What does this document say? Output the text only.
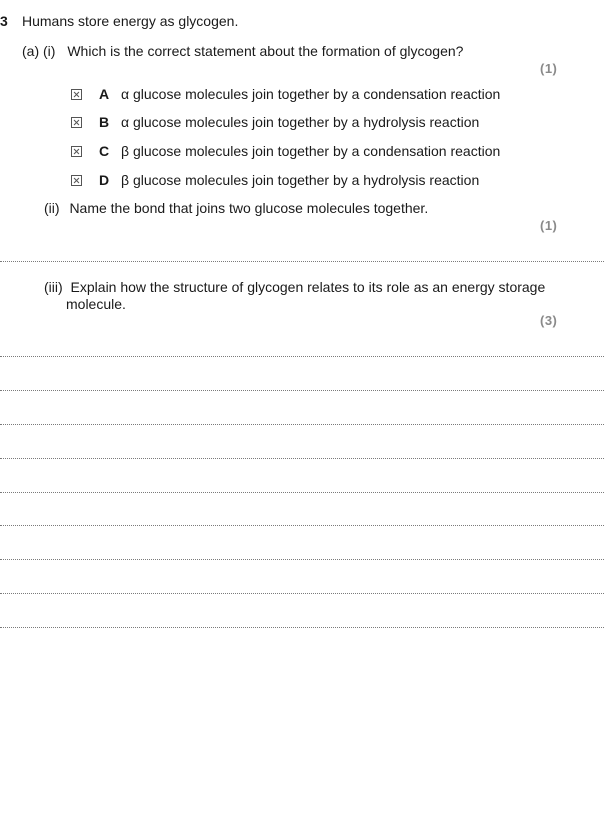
3 Humans store energy as glycogen.
(a) (i) Which is the correct statement about the formation of glycogen?
(1)
A α glucose molecules join together by a condensation reaction
B α glucose molecules join together by a hydrolysis reaction
C β glucose molecules join together by a condensation reaction
D β glucose molecules join together by a hydrolysis reaction
(ii) Name the bond that joins two glucose molecules together.
(1)
(iii) Explain how the structure of glycogen relates to its role as an energy storage
molecule.
(3)
